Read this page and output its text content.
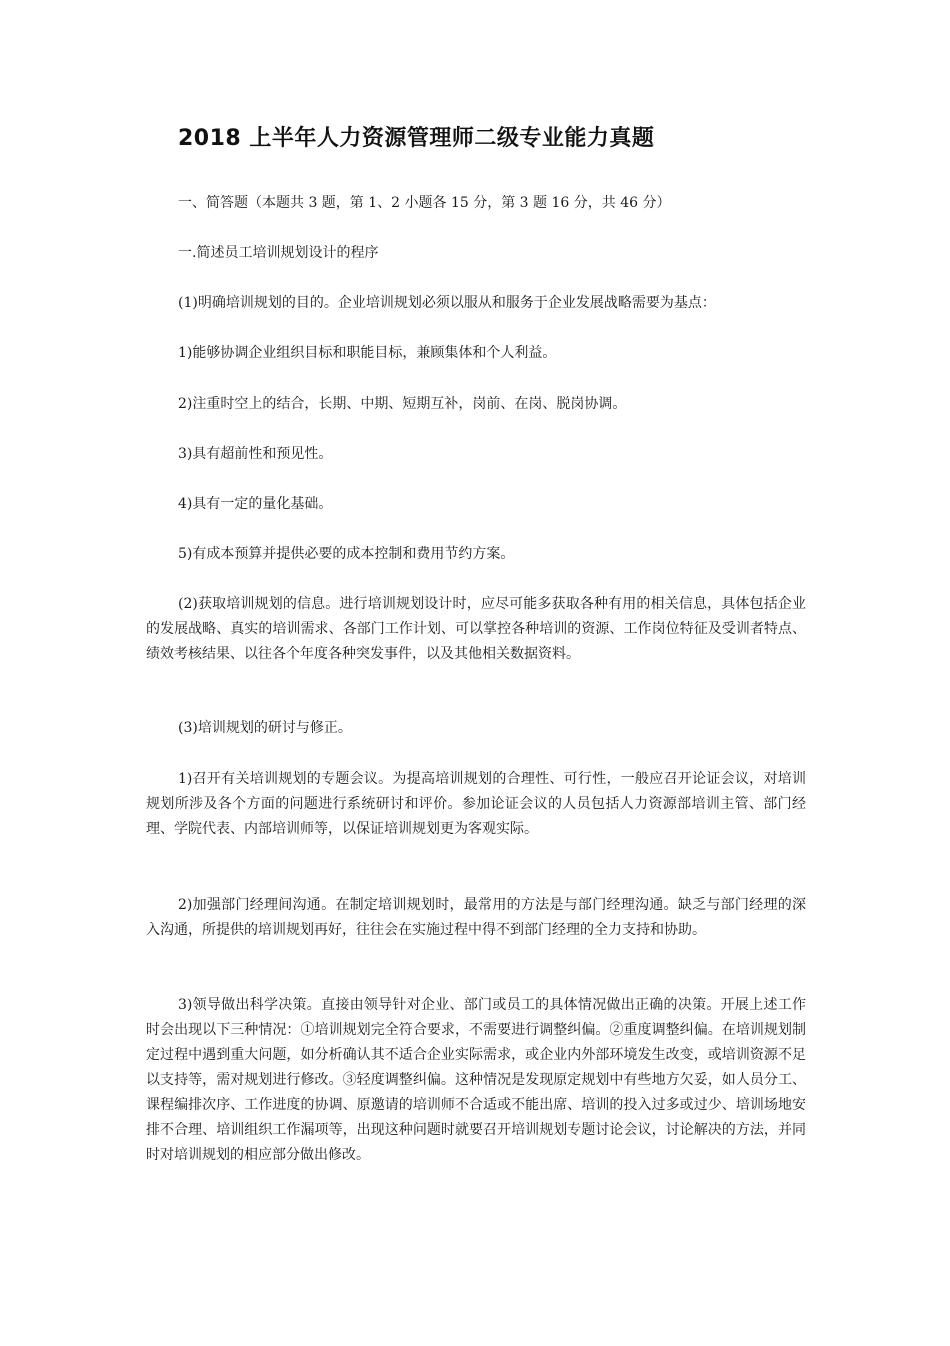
2018 上半年人力资源管理师二级专业能力真题
一、简答题（本题共 3 题，第 1、2 小题各 15 分，第 3 题 16 分，共 46 分）
一.简述员工培训规划设计的程序
(1)明确培训规划的目的。企业培训规划必须以服从和服务于企业发展战略需要为基点：
1)能够协调企业组织目标和职能目标，兼顾集体和个人利益。
2)注重时空上的结合，长期、中期、短期互补，岗前、在岗、脱岗协调。
3)具有超前性和预见性。
4)具有一定的量化基础。
5)有成本预算并提供必要的成本控制和费用节约方案。
(2)获取培训规划的信息。进行培训规划设计时，应尽可能多获取各种有用的相关信息，具体包括企业的发展战略、真实的培训需求、各部门工作计划、可以掌控各种培训的资源、工作岗位特征及受训者特点、绩效考核结果、以往各个年度各种突发事件，以及其他相关数据资料。
(3)培训规划的研讨与修正。
1)召开有关培训规划的专题会议。为提高培训规划的合理性、可行性，一般应召开论证会议，对培训规划所涉及各个方面的问题进行系统研讨和评价。参加论证会议的人员包括人力资源部培训主管、部门经理、学院代表、内部培训师等，以保证培训规划更为客观实际。
2)加强部门经理间沟通。在制定培训规划时，最常用的方法是与部门经理沟通。缺乏与部门经理的深入沟通，所提供的培训规划再好，往往会在实施过程中得不到部门经理的全力支持和协助。
3)领导做出科学决策。直接由领导针对企业、部门或员工的具体情况做出正确的决策。开展上述工作时会出现以下三种情况：①培训规划完全符合要求，不需要进行调整纠偏。②重度调整纠偏。在培训规划制定过程中遇到重大问题，如分析确认其不适合企业实际需求，或企业内外部环境发生改变，或培训资源不足以支持等，需对规划进行修改。③轻度调整纠偏。这种情况是发现原定规划中有些地方欠妥，如人员分工、课程编排次序、工作进度的协调、原邀请的培训师不合适或不能出席、培训的投入过多或过少、培训场地安排不合理、培训组织工作漏项等，出现这种问题时就要召开培训规划专题讨论会议，讨论解决的方法，并同时对培训规划的相应部分做出修改。
